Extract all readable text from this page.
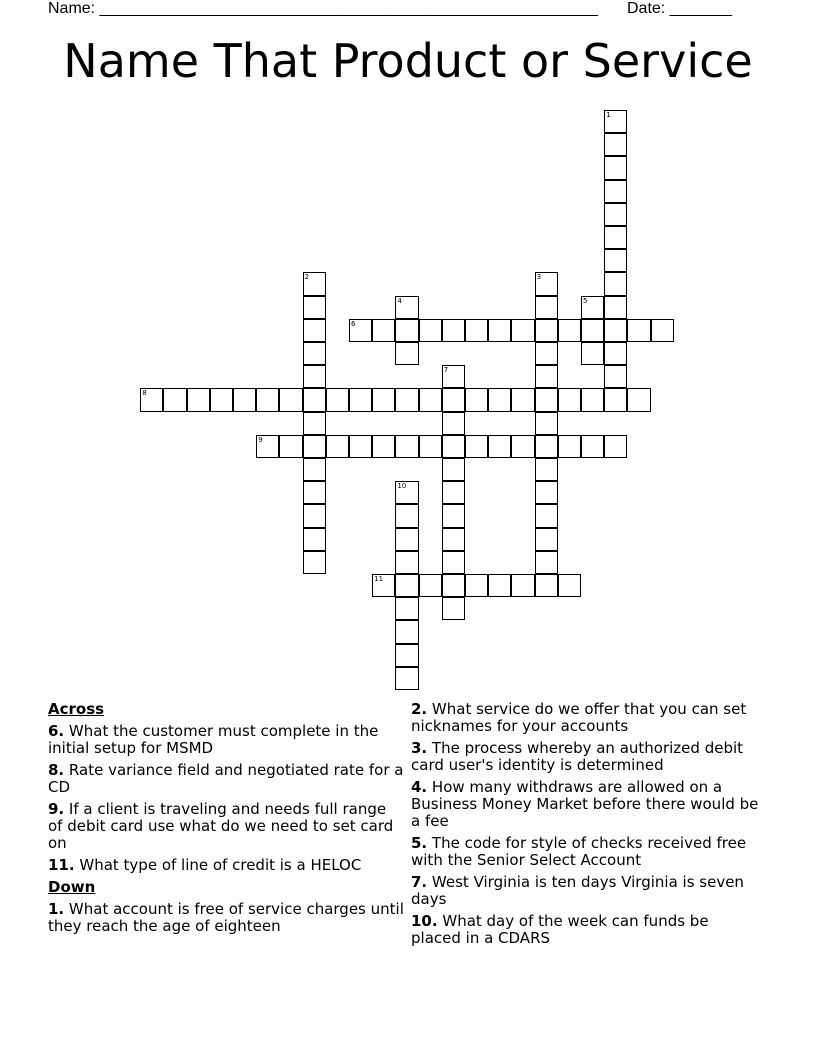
Name: ________________________________________________________ Date: _______
Name That Product or Service
1
2	3
4	5
6
7
8
9
10
11
Across
6. What the customer must complete in the initial setup for MSMD
8. Rate variance field and negotiated rate for a CD
9. If a client is traveling and needs full range of debit card use what do we need to set card on
11. What type of line of credit is a HELOC
Down
1. What account is free of service charges until they reach the age of eighteen
2. What service do we offer that you can set nicknames for your accounts
3. The process whereby an authorized debit card user's identity is determined
4. How many withdraws are allowed on a Business Money Market before there would be a fee
5. The code for style of checks received free with the Senior Select Account
7. West Virginia is ten days Virginia is seven days
10. What day of the week can funds be placed in a CDARS
